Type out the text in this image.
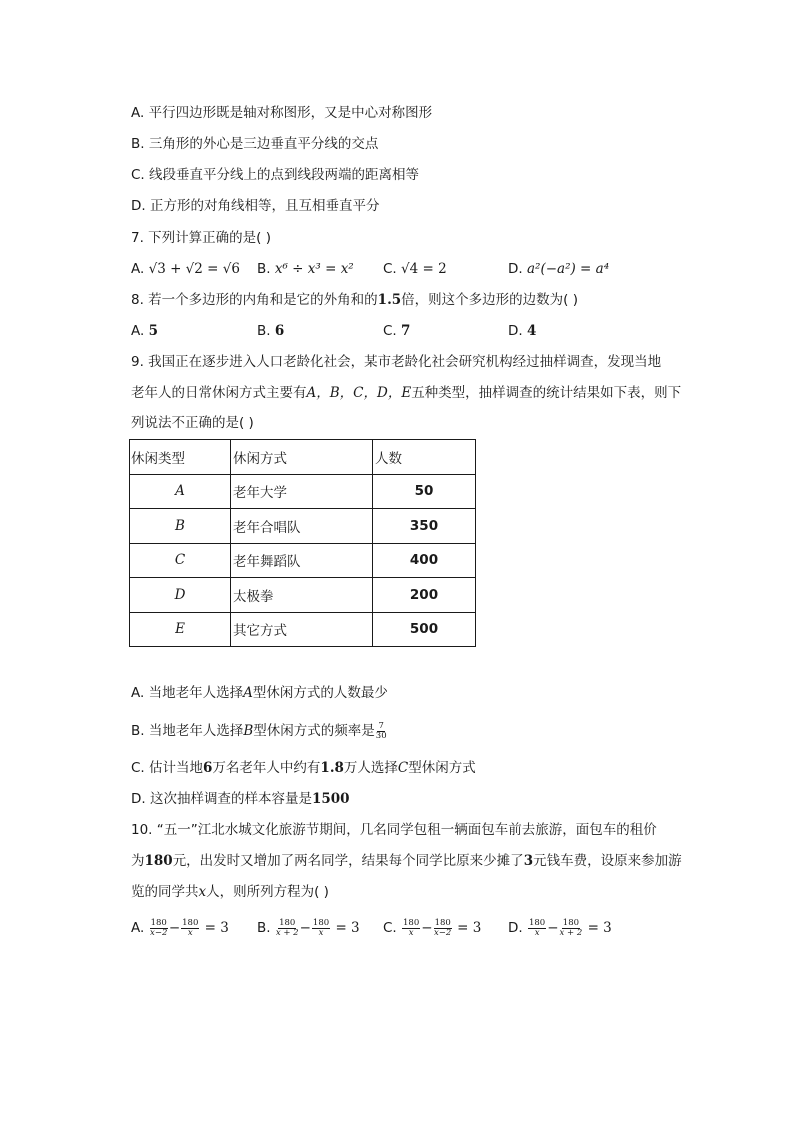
A. 平行四边形既是轴对称图形，又是中心对称图形
B. 三角形的外心是三边垂直平分线的交点
C. 线段垂直平分线上的点到线段两端的距离相等
D. 正方形的对角线相等，且互相垂直平分
7. 下列计算正确的是( )
A. √3 + √2 = √6 B. x⁶ ÷ x³ = x² C. √4 = 2	D. a²(−a²) = a⁴
8. 若一个多边形的内角和是它的外角和的1.5倍，则这个多边形的边数为( )
A. 5	B. 6	C. 7	D. 4
9. 我国正在逐步进入人口老龄化社会，某市老龄化社会研究机构经过抽样调查，发现当地
老年人的日常休闲方式主要有A，B，C，D，E五种类型，抽样调查的统计结果如下表，则下
列说法不正确的是( )
休闲类型	休闲方式	人数
A	老年大学	50
B	老年合唱队	350
C	老年舞蹈队	400
D	太极拳	200
E	其它方式	500
A. 当地老年人选择A型休闲方式的人数最少
B. 当地老年人选择B型休闲方式的频率是 $\frac{7}{30}$
C. 估计当地6万名老年人中约有1.8万人选择C型休闲方式
D. 这次抽样调查的样本容量是1500
10. “五一”江北水城文化旅游节期间，几名同学包租一辆面包车前去旅游，面包车的租价
为180元，出发时又增加了两名同学，结果每个同学比原来少摊了3元钱车费，设原来参加游
览的同学共x人，则所列方程为( )
A. $\frac{180}{x-2} - \frac{180}{x} = 3$ B. $\frac{180}{x + 2} - \frac{180}{x} = 3$ C. $\frac{180}{x} - \frac{180}{x-2} = 3$ D. $\frac{180}{x} - \frac{180}{x + 2} = 3$
